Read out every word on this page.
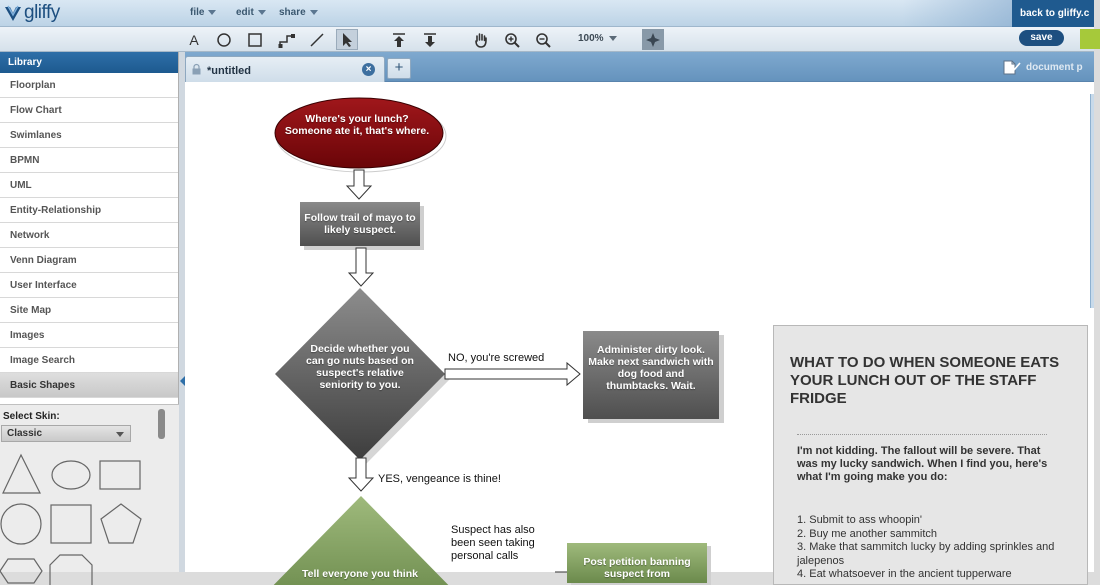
gliffy	file	edit	share	back to gliffy.c
A	100%	save
Library
Floorplan
Flow Chart
Swimlanes
BPMN
UML
Entity-Relationship
Network
Venn Diagram
User Interface
Site Map
Images
Image Search
Basic Shapes
Select Skin:
Classic
*untitled	×	+	document p
Where's your lunch? Someone ate it, that's where.
Follow trail of mayo to likely suspect.
Decide whether you can go nuts based on suspect's relative seniority to you.
NO, you're screwed
Administer dirty look. Make next sandwich with dog food and thumbtacks. Wait.
YES, vengeance is thine!
Tell everyone you think
Suspect has also been seen taking personal calls	Post petition banning suspect from
WHAT TO DO WHEN SOMEONE EATS YOUR LUNCH OUT OF THE STAFF FRIDGE
I'm not kidding. The fallout will be severe. That was my lucky sandwich. When I find you, here's what I'm going make you do:
1. Submit to ass whoopin'
2. Buy me another sammitch
3. Make that sammitch lucky by adding sprinkles and jalepenos
4. Eat whatsoever in the ancient tupperware
